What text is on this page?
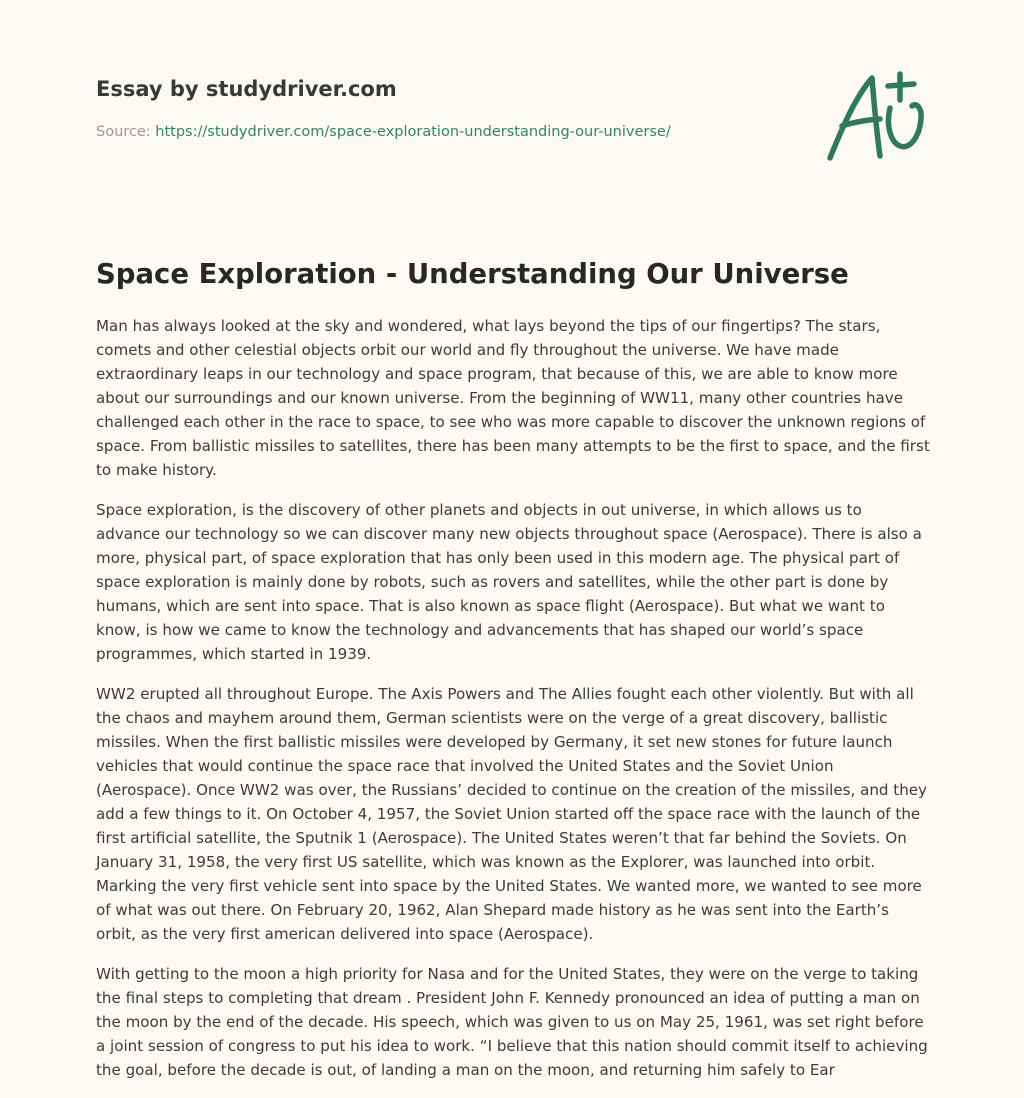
Essay by studydriver.com
Source: https://studydriver.com/space-exploration-understanding-our-universe/
Space Exploration - Understanding Our Universe

Man has always looked at the sky and wondered, what lays beyond the tips of our fingertips? The stars, comets and other celestial objects orbit our world and fly throughout the universe. We have made extraordinary leaps in our technology and space program, that because of this, we are able to know more about our surroundings and our known universe. From the beginning of WW11, many other countries have challenged each other in the race to space, to see who was more capable to discover the unknown regions of space. From ballistic missiles to satellites, there has been many attempts to be the first to space, and the first to make history.

Space exploration, is the discovery of other planets and objects in out universe, in which allows us to advance our technology so we can discover many new objects throughout space (Aerospace). There is also a more, physical part, of space exploration that has only been used in this modern age. The physical part of space exploration is mainly done by robots, such as rovers and satellites, while the other part is done by humans, which are sent into space. That is also known as space flight (Aerospace). But what we want to know, is how we came to know the technology and advancements that has shaped our world’s space programmes, which started in 1939.

WW2 erupted all throughout Europe. The Axis Powers and The Allies fought each other violently. But with all the chaos and mayhem around them, German scientists were on the verge of a great discovery, ballistic missiles. When the first ballistic missiles were developed by Germany, it set new stones for future launch vehicles that would continue the space race that involved the United States and the Soviet Union (Aerospace). Once WW2 was over, the Russians’ decided to continue on the creation of the missiles, and they add a few things to it. On October 4, 1957, the Soviet Union started off the space race with the launch of the first artificial satellite, the Sputnik 1 (Aerospace). The United States weren’t that far behind the Soviets. On January 31, 1958, the very first US satellite, which was known as the Explorer, was launched into orbit. Marking the very first vehicle sent into space by the United States. We wanted more, we wanted to see more of what was out there. On February 20, 1962, Alan Shepard made history as he was sent into the Earth’s orbit, as the very first american delivered into space (Aerospace).

With getting to the moon a high priority for Nasa and for the United States, they were on the verge to taking the final steps to completing that dream . President John F. Kennedy pronounced an idea of putting a man on the moon by the end of the decade. His speech, which was given to us on May 25, 1961, was set right before a joint session of congress to put his idea to work. “I believe that this nation should commit itself to achieving the goal, before the decade is out, of landing a man on the moon, and returning him safely to Ear
